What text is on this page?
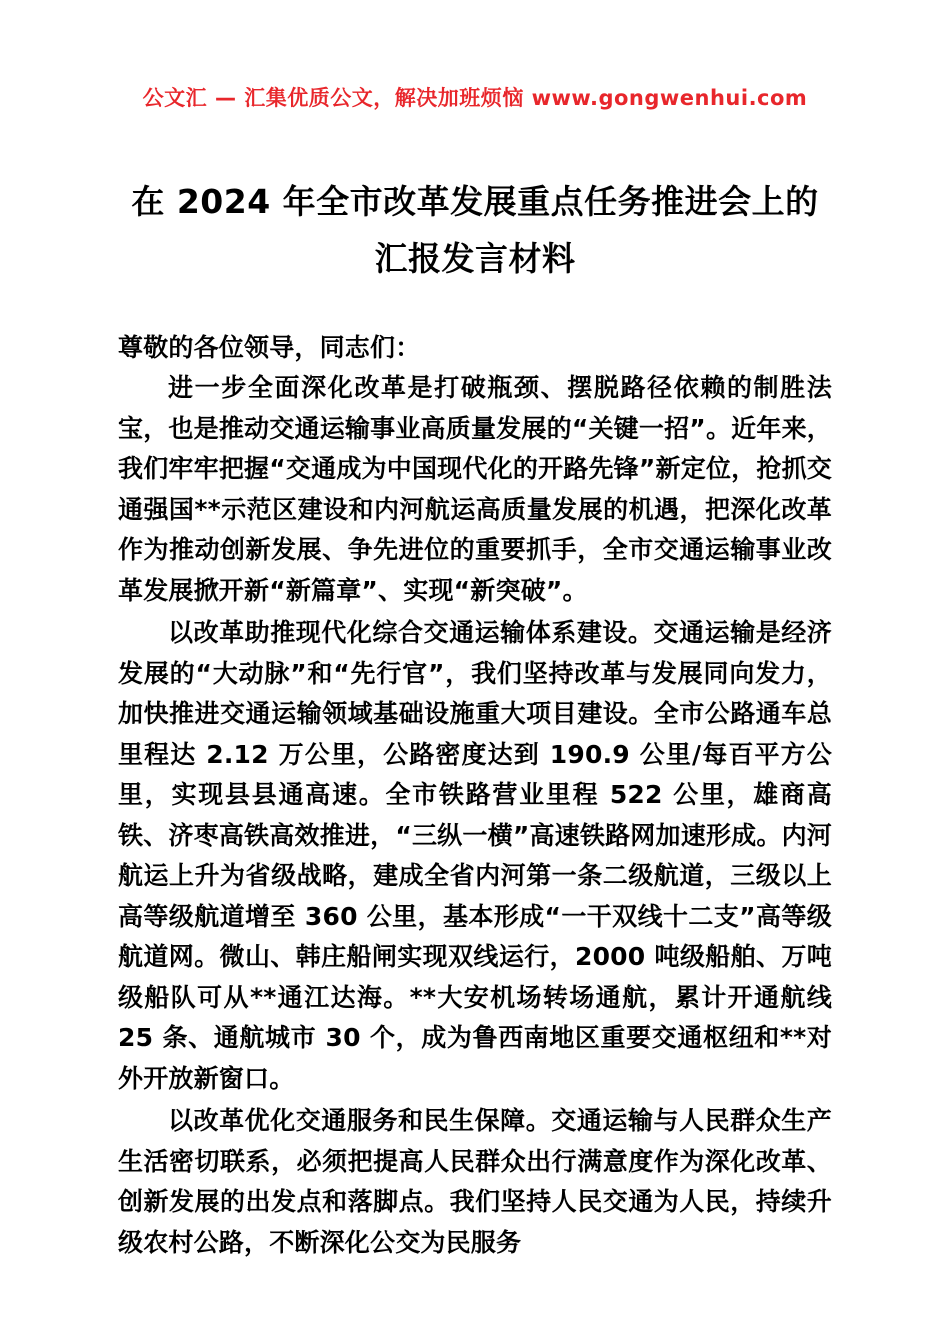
公文汇 — 汇集优质公文，解决加班烦恼 www.gongwenhui.com
在 2024 年全市改革发展重点任务推进会上的汇报发言材料
尊敬的各位领导，同志们：

进一步全面深化改革是打破瓶颈、摆脱路径依赖的制胜法宝，也是推动交通运输事业高质量发展的“关键一招”。近年来，我们牢牢把握“交通成为中国现代化的开路先锋”新定位，抢抓交通强国**示范区建设和内河航运高质量发展的机遇，把深化改革作为推动创新发展、争先进位的重要抓手，全市交通运输事业改革发展掀开新“新篇章”、实现“新突破”。

以改革助推现代化综合交通运输体系建设。交通运输是经济发展的“大动脉”和“先行官”，我们坚持改革与发展同向发力，加快推进交通运输领域基础设施重大项目建设。全市公路通车总里程达 2.12 万公里，公路密度达到 190.9 公里/每百平方公里，实现县县通高速。全市铁路营业里程 522 公里，雄商高铁、济枣高铁高效推进，“三纵一横”高速铁路网加速形成。内河航运上升为省级战略，建成全省内河第一条二级航道，三级以上高等级航道增至 360 公里，基本形成“一干双线十二支”高等级航道网。微山、韩庄船闸实现双线运行，2000 吨级船舶、万吨级船队可从**通江达海。**大安机场转场通航，累计开通航线 25 条、通航城市 30 个，成为鲁西南地区重要交通枢纽和**对外开放新窗口。

以改革优化交通服务和民生保障。交通运输与人民群众生产生活密切联系，必须把提高人民群众出行满意度作为深化改革、创新发展的出发点和落脚点。我们坚持人民交通为人民，持续升级农村公路，不断深化公交为民服务
